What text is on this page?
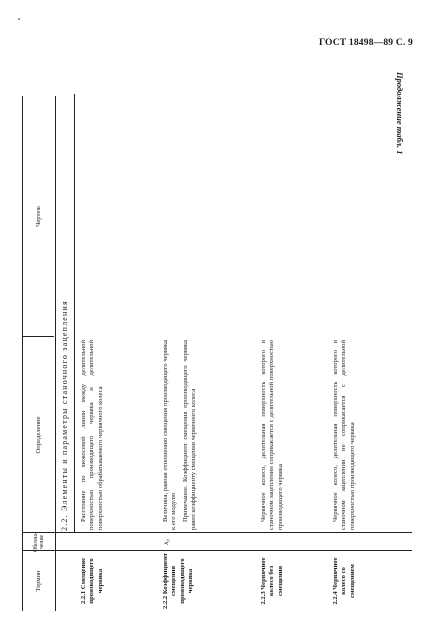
ГОСТ 18498—89 С. 9
Продолжение табл. 1
Термин
Обозна-чение
Определение
Чертеж
2.2. Элементы и параметры станочного зацепления
2.2.1 Смещение производящего червяка

Расстояние по межосевой линии между делительной поверхностью производящего червяка и делительной поверхностью обрабатываемого червячного колеса

2.2.2 Коэффициент смещения производящего червяка
x₀

Величина, равная отношению смещения производящего червяка к его модулю Примечание. Коэффициент смещения производящего червяка равен коэффициенту смещения червячного колеса

2.2.3 Червячное колесо без смещения

Червячное колесо, делительная поверхность которого в станочном зацеплении соприкасается с делительной поверхностью производящего червяка

2.2.4 Червячное колесо со смещением

Червячное колесо, делительная поверхность которого в станочном зацеплении не соприкасается с делительной поверхностью производящего червяка
